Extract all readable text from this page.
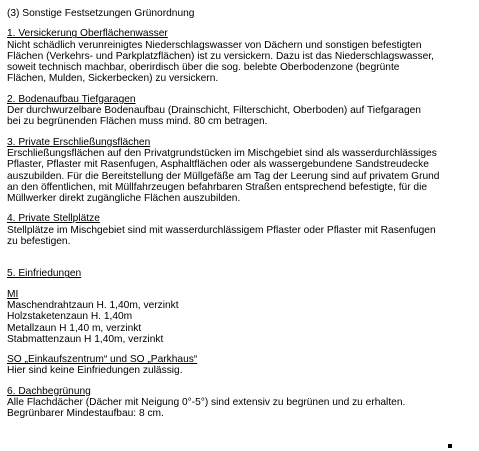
(3) Sonstige Festsetzungen Grünordnung
1. Versickerung Oberflächenwasser
Nicht schädlich verunreinigtes Niederschlagswasser von Dächern und sonstigen befestigten
Flächen (Verkehrs- und Parkplatzflächen) ist zu versickern. Dazu ist das Niederschlagswasser,
soweit technisch machbar, oberirdisch über die sog. belebte Oberbodenzone (begrünte
Flächen, Mulden, Sickerbecken) zu versickern.
2. Bodenaufbau Tiefgaragen
Der durchwurzelbare Bodenaufbau (Drainschicht, Filterschicht, Oberboden) auf Tiefgaragen
bei zu begrünenden Flächen muss mind. 80 cm betragen.
3. Private Erschließungsflächen
Erschließungsflächen auf den Privatgrundstücken im Mischgebiet sind als wasserdurchlässiges
Pflaster, Pflaster mit Rasenfugen, Asphaltflächen oder als wassergebundene Sandstreudecke
auszubilden. Für die Bereitstellung der Müllgefäße am Tag der Leerung sind auf privatem Grund
an den öffentlichen, mit Müllfahrzeugen befahrbaren Straßen entsprechend befestigte, für die
Müllwerker direkt zugängliche Flächen auszubilden.
4. Private Stellplätze
Stellplätze im Mischgebiet sind mit wasserdurchlässigem Pflaster oder Pflaster mit Rasenfugen
zu befestigen.
5. Einfriedungen
MI
Maschendrahtzaun H. 1,40m, verzinkt
Holzstaketenzaun H. 1,40m
Metallzaun H 1,40 m, verzinkt
Stabmattenzaun H 1,40m, verzinkt
SO „Einkaufszentrum“ und SO „Parkhaus“
Hier sind keine Einfriedungen zulässig.
6. Dachbegrünung
Alle Flachdächer (Dächer mit Neigung 0°-5°) sind extensiv zu begrünen und zu erhalten.
Begrünbarer Mindestaufbau: 8 cm.
